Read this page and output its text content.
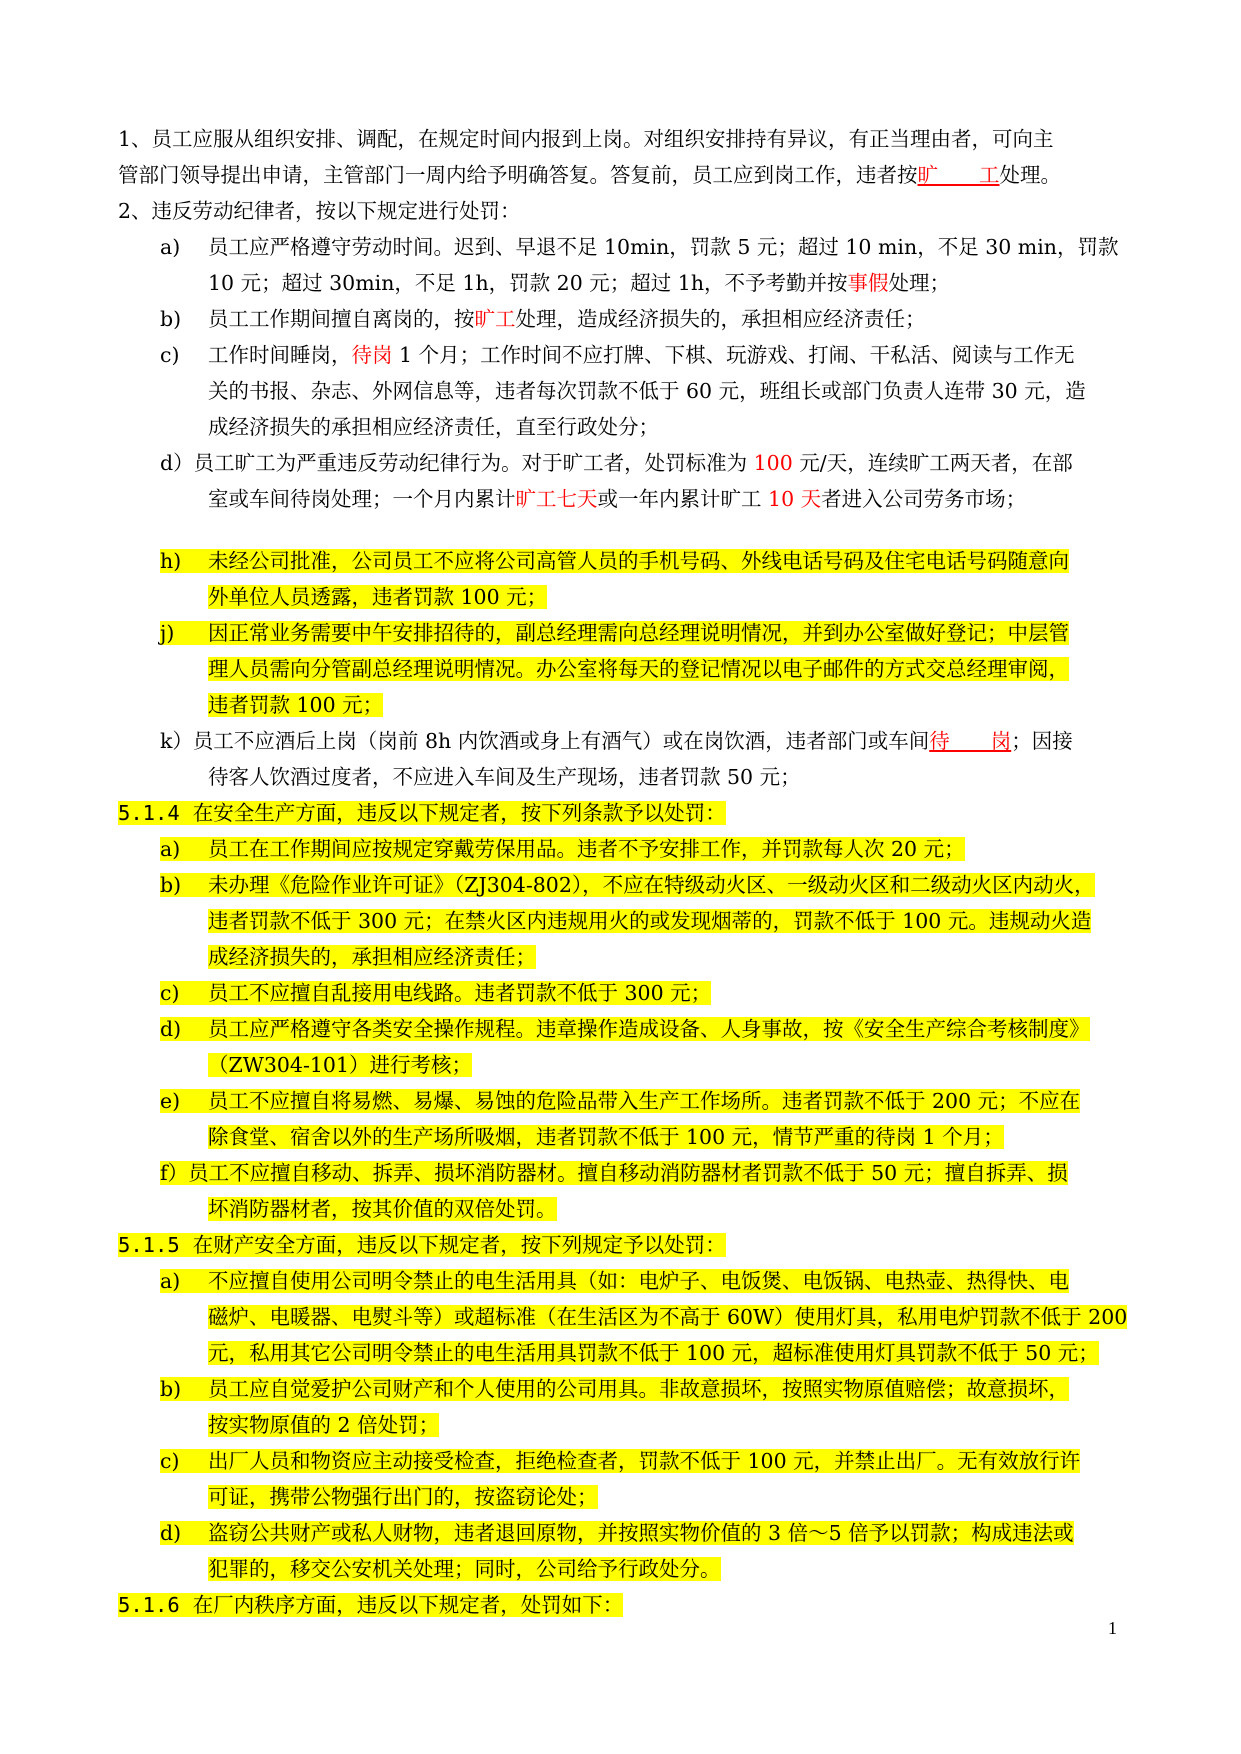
1、员工应服从组织安排、调配，在规定时间内报到上岗。对组织安排持有异议，有正当理由者，可向主
管部门领导提出申请，主管部门一周内给予明确答复。答复前，员工应到岗工作，违者按旷　　工处理。
2、违反劳动纪律者，按以下规定进行处罚：
a) 员工应严格遵守劳动时间。迟到、早退不足 10min，罚款 5 元；超过 10 min，不足 30 min，罚款
10 元；超过 30min，不足 1h，罚款 20 元；超过 1h，不予考勤并按事假处理；
b) 员工工作期间擅自离岗的，按旷工处理，造成经济损失的，承担相应经济责任；
c) 工作时间睡岗，待岗 1 个月；工作时间不应打牌、下棋、玩游戏、打闹、干私活、阅读与工作无
关的书报、杂志、外网信息等，违者每次罚款不低于 60 元，班组长或部门负责人连带 30 元，造
成经济损失的承担相应经济责任，直至行政处分；
d）员工旷工为严重违反劳动纪律行为。对于旷工者，处罚标准为 100 元/天，连续旷工两天者，在部
室或车间待岗处理；一个月内累计旷工七天或一年内累计旷工 10 天者进入公司劳务市场；
h) 未经公司批准，公司员工不应将公司高管人员的手机号码、外线电话号码及住宅电话号码随意向
外单位人员透露，违者罚款 100 元；
j) 因正常业务需要中午安排招待的，副总经理需向总经理说明情况，并到办公室做好登记；中层管
理人员需向分管副总经理说明情况。办公室将每天的登记情况以电子邮件的方式交总经理审阅，
违者罚款 100 元；
k）员工不应酒后上岗（岗前 8h 内饮酒或身上有酒气）或在岗饮酒，违者部门或车间待　　岗；因接
待客人饮酒过度者，不应进入车间及生产现场，违者罚款 50 元；
5.1.4 在安全生产方面，违反以下规定者，按下列条款予以处罚：
a) 员工在工作期间应按规定穿戴劳保用品。违者不予安排工作，并罚款每人次 20 元；
b) 未办理《危险作业许可证》（ZJ304-802），不应在特级动火区、一级动火区和二级动火区内动火，
违者罚款不低于 300 元；在禁火区内违规用火的或发现烟蒂的，罚款不低于 100 元。违规动火造
成经济损失的，承担相应经济责任；
c) 员工不应擅自乱接用电线路。违者罚款不低于 300 元；
d) 员工应严格遵守各类安全操作规程。违章操作造成设备、人身事故，按《安全生产综合考核制度》
（ZW304-101）进行考核；
e) 员工不应擅自将易燃、易爆、易蚀的危险品带入生产工作场所。违者罚款不低于 200 元；不应在
除食堂、宿舍以外的生产场所吸烟，违者罚款不低于 100 元，情节严重的待岗 1 个月；
f）员工不应擅自移动、拆弄、损坏消防器材。擅自移动消防器材者罚款不低于 50 元；擅自拆弄、损
坏消防器材者，按其价值的双倍处罚。
5.1.5 在财产安全方面，违反以下规定者，按下列规定予以处罚：
a) 不应擅自使用公司明令禁止的电生活用具（如：电炉子、电饭煲、电饭锅、电热壶、热得快、电
磁炉、电暖器、电熨斗等）或超标准（在生活区为不高于 60W）使用灯具，私用电炉罚款不低于 200
元，私用其它公司明令禁止的电生活用具罚款不低于 100 元，超标准使用灯具罚款不低于 50 元；
b) 员工应自觉爱护公司财产和个人使用的公司用具。非故意损坏，按照实物原值赔偿；故意损坏，
按实物原值的 2 倍处罚；
c) 出厂人员和物资应主动接受检查，拒绝检查者，罚款不低于 100 元，并禁止出厂。无有效放行许
可证，携带公物强行出门的，按盗窃论处；
d) 盗窃公共财产或私人财物，违者退回原物，并按照实物价值的 3 倍～5 倍予以罚款；构成违法或
犯罪的，移交公安机关处理；同时，公司给予行政处分。
5.1.6 在厂内秩序方面，违反以下规定者，处罚如下：
1
